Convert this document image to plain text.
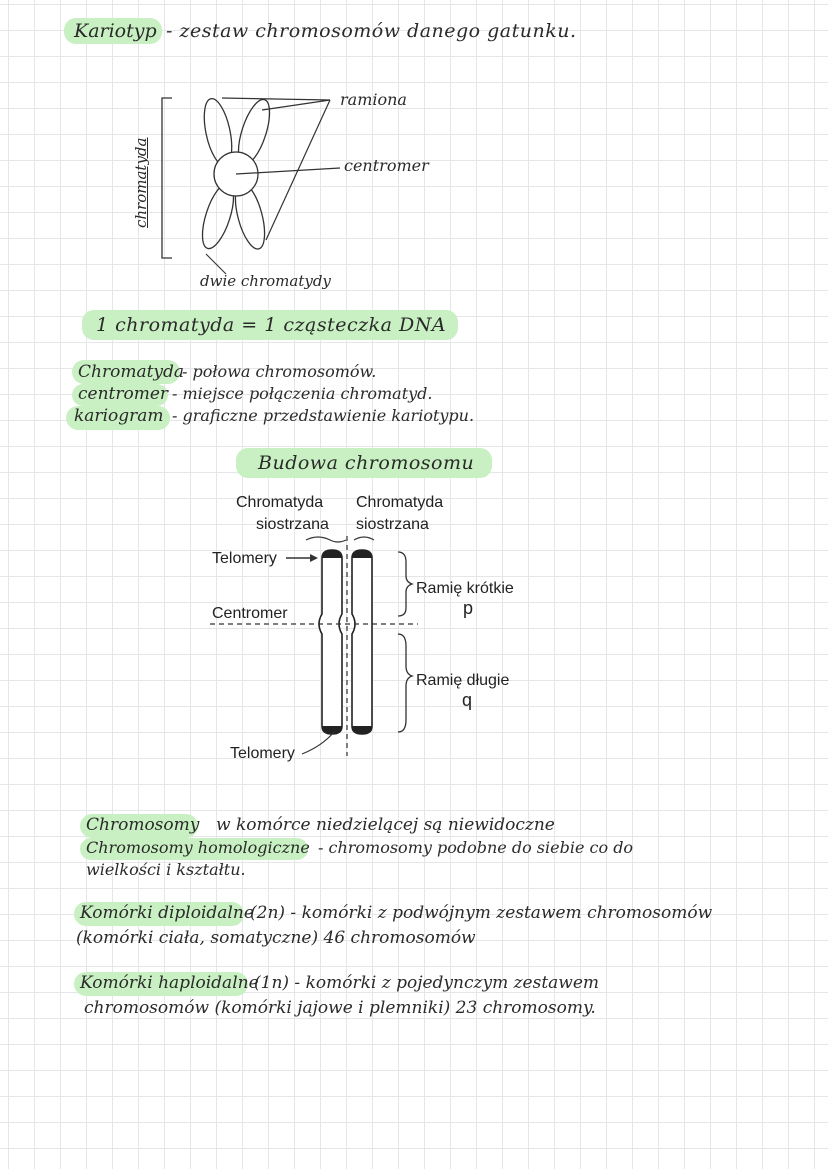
Kariotyp - zestaw chromosomów danego gatunku.
ramiona
centromer
chromatyda
dwie chromatydy
1 chromatyda = 1 cząsteczka DNA
Chromatyda
- połowa chromosomów.
centromer - miejsce połączenia chromatyd.
kariogram - graficzne przedstawienie kariotypu.
Budowa chromosomu
Chromatyda
siostrzana
Chromatyda
siostrzana
Telomery
Centromer
Ramię krótkie
p
Ramię długie
q
Telomery
Chromosomy w komórce niedzielącej są niewidoczne
Chromosomy homologiczne - chromosomy podobne do siebie co do
wielkości i kształtu.
Komórki diploidalne
(2n) - komórki z podwójnym zestawem chromosomów
(komórki ciała, somatyczne) 46 chromosomów
Komórki haploidalne
(1n) - komórki z pojedynczym zestawem
chromosomów (komórki jajowe i plemniki) 23 chromosomy.
